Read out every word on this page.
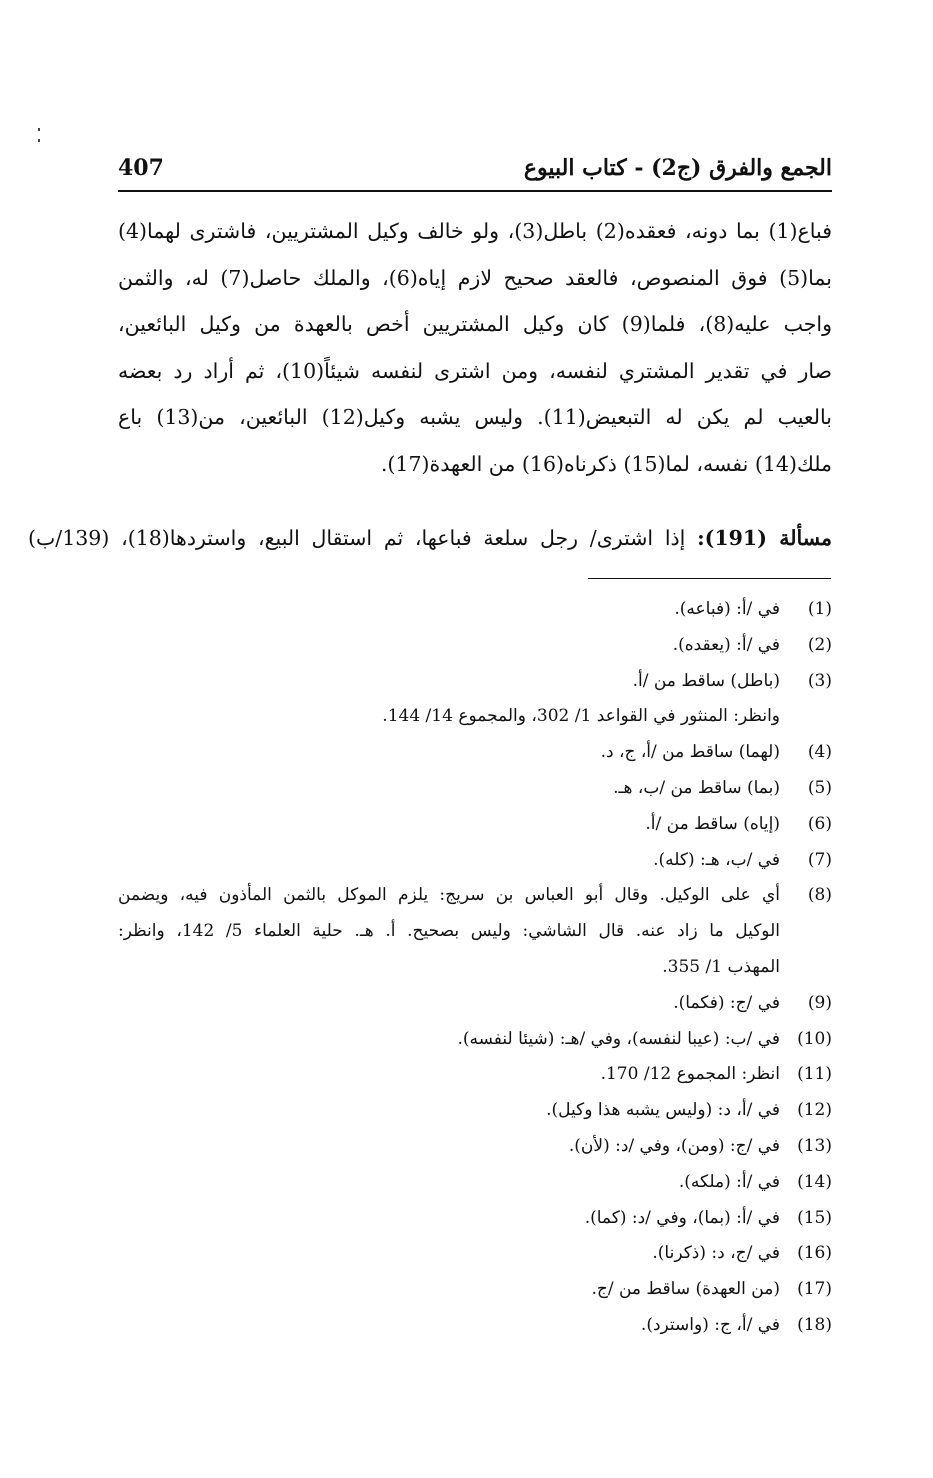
الجمع والفرق (ج2) - كتاب البيوع
407
فباع(1) بما دونه، فعقده(2) باطل(3)، ولو خالف وكيل المشتريين، فاشترى لهما(4)
بما(5) فوق المنصوص، فالعقد صحيح لازم إياه(6)، والملك حاصل(7) له، والثمن
واجب عليه(8)، فلما(9) كان وكيل المشتريين أخص بالعهدة من وكيل البائعين،
صار في تقدير المشتري لنفسه، ومن اشترى لنفسه شيئاً(10)، ثم أراد رد بعضه
بالعيب لم يكن له التبعيض(11). وليس يشبه وكيل(12) البائعين، من(13) باع
ملك(14) نفسه، لما(15) ذكرناه(16) من العهدة(17).
مسألة (191): إذا اشترى/ رجل سلعة فباعها، ثم استقال البيع، واستردها(18)، (139/ب)
(1)
في /أ: (فباعه).
(2)
في /أ: (يعقده).
(3)
(باطل) ساقط من /أ.
وانظر: المنثور في القواعد 1/ 302، والمجموع 14/ 144.
(4)
(لهما) ساقط من /أ، ج، د.
(5)
(بما) ساقط من /ب، هـ.
(6)
(إياه) ساقط من /أ.
(7)
في /ب، هـ: (كله).
(8)
أي على الوكيل. وقال أبو العباس بن سريج: يلزم الموكل بالثمن المأذون فيه، ويضمن
الوكيل ما زاد عنه. قال الشاشي: وليس بصحيح. أ. هـ. حلية العلماء 5/ 142، وانظر:
المهذب 1/ 355.
(9)
في /ج: (فكما).
(10)
في /ب: (عيبا لنفسه)، وفي /هـ: (شيئا لنفسه).
(11)
انظر: المجموع 12/ 170.
(12)
في /أ، د: (وليس يشبه هذا وكيل).
(13)
في /ج: (ومن)، وفي /د: (لأن).
(14)
في /أ: (ملكه).
(15)
في /أ: (بما)، وفي /د: (كما).
(16)
في /ج، د: (ذكرنا).
(17)
(من العهدة) ساقط من /ج.
(18)
في /أ، ج: (واسترد).
